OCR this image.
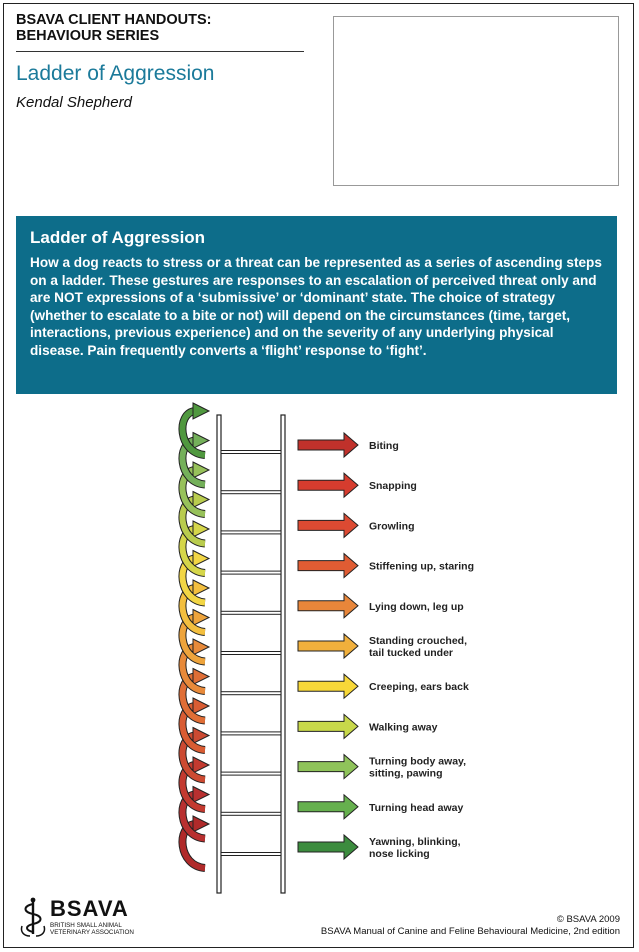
BSAVA CLIENT HANDOUTS:
BEHAVIOUR SERIES
Ladder of Aggression
Kendal Shepherd
Ladder of Aggression

How a dog reacts to stress or a threat can be represented as a series of ascending steps on a ladder. These gestures are responses to an escalation of perceived threat only and are NOT expressions of a ‘submissive’ or ‘dominant’ state. The choice of strategy (whether to escalate to a bite or not) will depend on the circumstances (time, target, interactions, previous experience) and on the severity of any underlying physical disease. Pain frequently converts a ‘flight’ response to ‘fight’.

Biting
Snapping
Growling
Stiffening up, staring
Lying down, leg up
Standing crouched, tail tucked under
Creeping, ears back
Walking away
Turning body away, sitting, pawing
Turning head away
Yawning, blinking, nose licking
BSAVA
BRITISH SMALL ANIMAL
VETERINARY ASSOCIATION
© BSAVA 2009
BSAVA Manual of Canine and Feline Behavioural Medicine, 2nd edition
